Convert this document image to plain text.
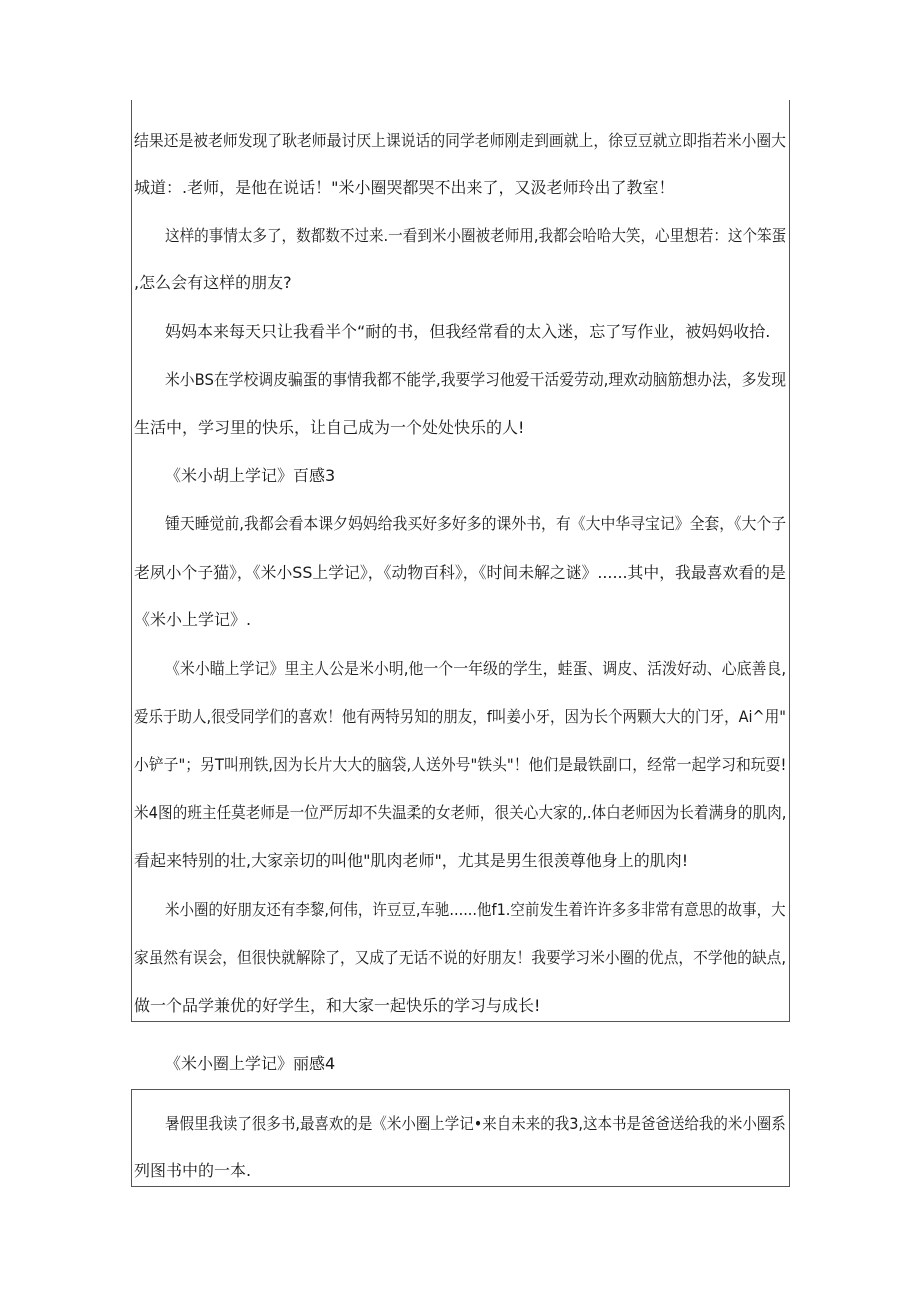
结果还是被老师发现了耿老师最讨厌上课说话的同学老师刚走到画就上，徐豆豆就立即指若米小圈大
城道：.老师，是他在说话！"米小圈哭都哭不出来了，又汲老师玲出了教室！
这样的事情太多了，数都数不过来.一看到米小圈被老师用,我都会哈哈大笑，心里想若：这个笨蛋
,怎么会有这样的朋友?
妈妈本来每天只让我看半个“耐的书，但我经常看的太入迷，忘了写作业，被妈妈收拾.
米小BS在学校调皮骗蛋的事情我都不能学,我要学习他爱干活爱劳动,理欢动脑筋想办法，多发现
生活中，学习里的快乐，让自己成为一个处处快乐的人!
《米小胡上学记》百感3
锺天睡觉前,我都会看本课夕妈妈给我买好多好多的课外书，有《大中华寻宝记》全套，《大个子
老夙小个子猫》，《米小SS上学记》，《动物百科》，《时间未解之谜》......其中，我最喜欢看的是
《米小上学记》.
《米小瞄上学记》里主人公是米小明,他一个一年级的学生，蛙蛋、调皮、活泼好动、心底善良,
爱乐于助人,很受同学们的喜欢！他有两特另知的朋友，f叫姜小牙，因为长个两颗大大的门牙，Ai^用"
小铲子"；另T叫刑铁,因为长片大大的脑袋,人送外号"铁头"！他们是最铁副口，经常一起学习和玩耍!
米4图的班主任莫老师是一位严厉却不失温柔的女老师，很关心大家的,.体白老师因为长着满身的肌肉,
看起来特别的壮,大家亲切的叫他"肌肉老师"，尤其是男生很羡尊他身上的肌肉!
米小圈的好朋友还有李黎,何伟，许豆豆,车驰......他f1.空前发生着许许多多非常有意思的故事，大
家虽然有误会，但很快就解除了，又成了无话不说的好朋友！我要学习米小圈的优点，不学他的缺点,
做一个品学兼优的好学生，和大家一起快乐的学习与成长!
《米小圈上学记》丽感4
暑假里我读了很多书,最喜欢的是《米小圈上学记•来自未来的我3,这本书是爸爸送给我的米小圈系
列图书中的一本.
